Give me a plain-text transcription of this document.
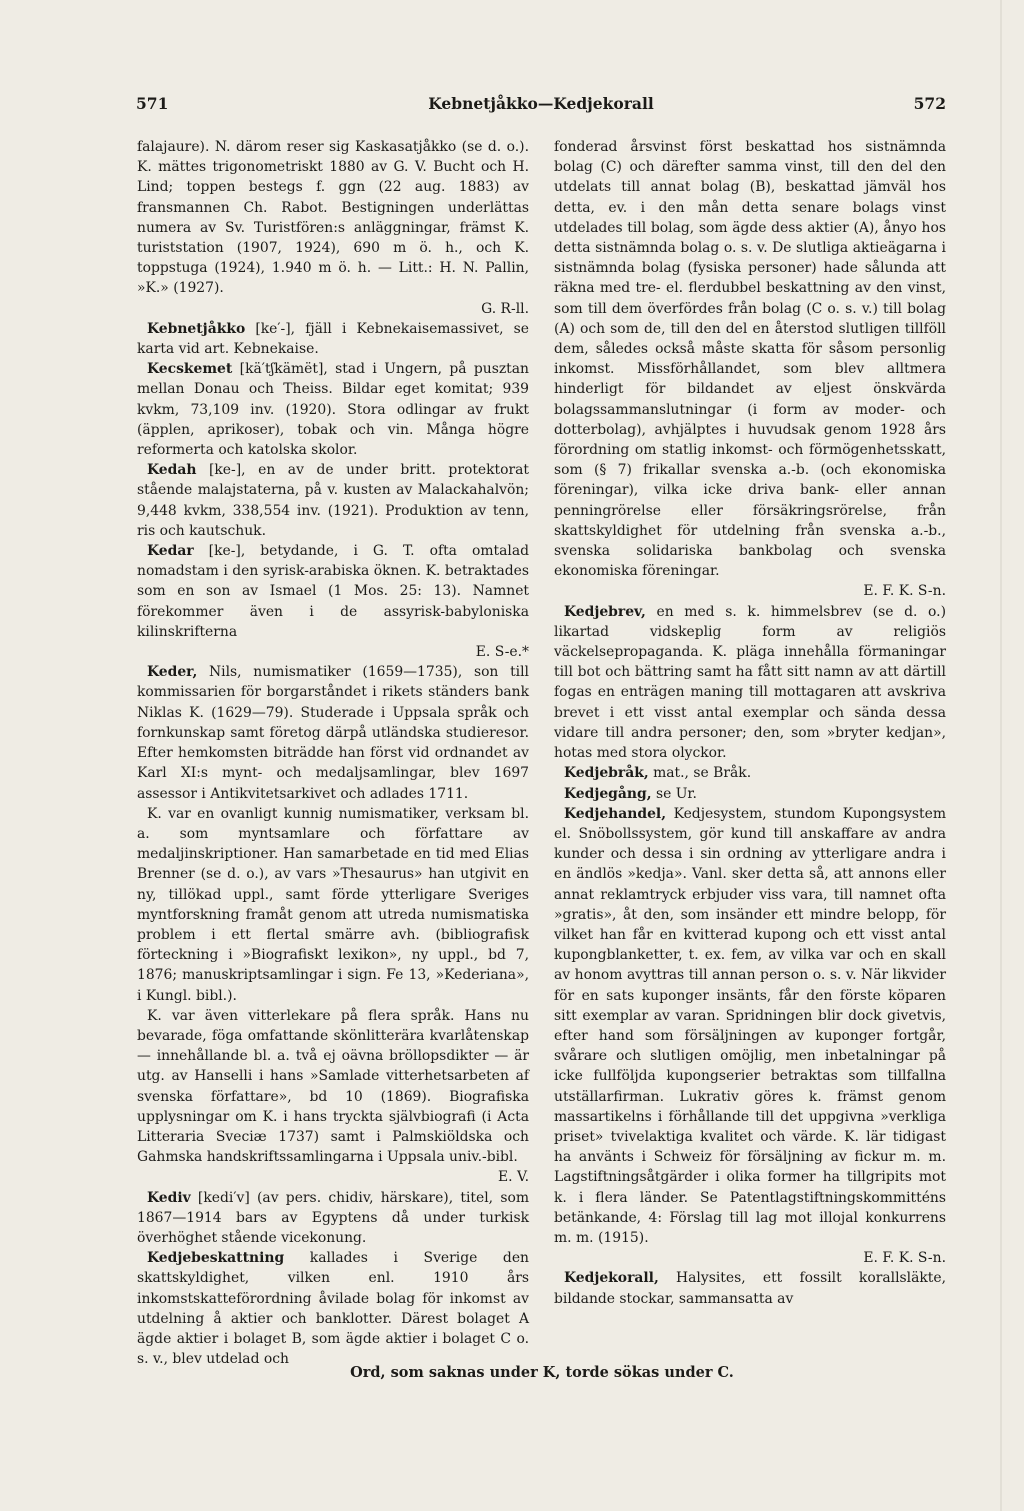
571	Kebnetjåkko—Kedjekorall	572

falajaure). N. därom reser sig Kaskasatjåkko (se d. o.). K. mättes trigonometriskt 1880 av G. V. Bucht och H. Lind; toppen bestegs f. ggn (22 aug. 1883) av fransmannen Ch. Rabot. Bestigningen underlättas numera av Sv. Turistfören:s anläggningar, främst K. turiststation (1907, 1924), 690 m ö. h., och K. toppstuga (1924), 1.940 m ö. h. — Litt.: H. N. Pallin, »K.» (1927).
G. R-ll.

Kebnetjåkko [ke′-], fjäll i Kebnekaisemassivet, se karta vid art. Kebnekaise.

Kecskemet [kä′tʃkämët], stad i Ungern, på pusztan mellan Donau och Theiss. Bildar eget komitat; 939 kvkm, 73,109 inv. (1920). Stora odlingar av frukt (äpplen, aprikoser), tobak och vin. Många högre reformerta och katolska skolor.

Kedah [ke-], en av de under britt. protektorat stående malajstaterna, på v. kusten av Malackahalvön; 9,448 kvkm, 338,554 inv. (1921). Produktion av tenn, ris och kautschuk.

Kedar [ke-], betydande, i G. T. ofta omtalad nomadstam i den syrisk-arabiska öknen. K. betraktades som en son av Ismael (1 Mos. 25: 13). Namnet förekommer även i de assyrisk-babyloniska kilinskrifterna
E. S-e.*

Keder, Nils, numismatiker (1659—1735), son till kommissarien för borgarståndet i rikets ständers bank Niklas K. (1629—79). Studerade i Uppsala språk och fornkunskap samt företog därpå utländska studieresor. Efter hemkomsten biträdde han först vid ordnandet av Karl XI:s mynt- och medaljsamlingar, blev 1697 assessor i Antikvitetsarkivet och adlades 1711.

K. var en ovanligt kunnig numismatiker, verksam bl. a. som myntsamlare och författare av medaljinskriptioner. Han samarbetade en tid med Elias Brenner (se d. o.), av vars »Thesaurus» han utgivit en ny, tillökad uppl., samt förde ytterligare Sveriges myntforskning framåt genom att utreda numismatiska problem i ett flertal smärre avh. (bibliografisk förteckning i »Biografiskt lexikon», ny uppl., bd 7, 1876; manuskriptsamlingar i sign. Fe 13, »Kederiana», i Kungl. bibl.).

K. var även vitterlekare på flera språk. Hans nu bevarade, föga omfattande skönlitterära kvarlåtenskap — innehållande bl. a. två ej oävna bröllopsdikter — är utg. av Hanselli i hans »Samlade vitterhetsarbeten af svenska författare», bd 10 (1869). Biografiska upplysningar om K. i hans tryckta självbiografi (i Acta Litteraria Sveciæ 1737) samt i Palmskiöldska och Gahmska handskriftssamlingarna i Uppsala univ.-bibl.
E. V.

Kediv [kedi′v] (av pers. chidiv, härskare), titel, som 1867—1914 bars av Egyptens då under turkisk överhöghet stående vicekonung.

Kedjebeskattning kallades i Sverige den skattskyldighet, vilken enl. 1910 års inkomstskatteförordning åvilade bolag för inkomst av utdelning å aktier och banklotter. Därest bolaget A ägde aktier i bolaget B, som ägde aktier i bolaget C o. s. v., blev utdelad och

fonderad årsvinst först beskattad hos sistnämnda bolag (C) och därefter samma vinst, till den del den utdelats till annat bolag (B), beskattad jämväl hos detta, ev. i den mån detta senare bolags vinst utdelades till bolag, som ägde dess aktier (A), ånyo hos detta sistnämnda bolag o. s. v. De slutliga aktieägarna i sistnämnda bolag (fysiska personer) hade sålunda att räkna med tre- el. flerdubbel beskattning av den vinst, som till dem överfördes från bolag (C o. s. v.) till bolag (A) och som de, till den del en återstod slutligen tillföll dem, således också måste skatta för såsom personlig inkomst. Missförhållandet, som blev alltmera hinderligt för bildandet av eljest önskvärda bolagssammanslutningar (i form av moder- och dotterbolag), avhjälptes i huvudsak genom 1928 års förordning om statlig inkomst- och förmögenhetsskatt, som (§ 7) frikallar svenska a.-b. (och ekonomiska föreningar), vilka icke driva bank- eller annan penningrörelse eller försäkringsrörelse, från skattskyldighet för utdelning från svenska a.-b., svenska solidariska bankbolag och svenska ekonomiska föreningar.
E. F. K. S-n.

Kedjebrev, en med s. k. himmelsbrev (se d. o.) likartad vidskeplig form av religiös väckelsepropaganda. K. pläga innehålla förmaningar till bot och bättring samt ha fått sitt namn av att därtill fogas en enträgen maning till mottagaren att avskriva brevet i ett visst antal exemplar och sända dessa vidare till andra personer; den, som »bryter kedjan», hotas med stora olyckor.

Kedjebråk, mat., se Bråk.

Kedjegång, se Ur.

Kedjehandel, Kedjesystem, stundom Kupongsystem el. Snöbollssystem, gör kund till anskaffare av andra kunder och dessa i sin ordning av ytterligare andra i en ändlös »kedja». Vanl. sker detta så, att annons eller annat reklamtryck erbjuder viss vara, till namnet ofta »gratis», åt den, som insänder ett mindre belopp, för vilket han får en kvitterad kupong och ett visst antal kupongblanketter, t. ex. fem, av vilka var och en skall av honom avyttras till annan person o. s. v. När likvider för en sats kuponger insänts, får den förste köparen sitt exemplar av varan. Spridningen blir dock givetvis, efter hand som försäljningen av kuponger fortgår, svårare och slutligen omöjlig, men inbetalningar på icke fullföljda kupongserier betraktas som tillfallna utställarfirman. Lukrativ göres k. främst genom massartikelns i förhållande till det uppgivna »verkliga priset» tvivelaktiga kvalitet och värde. K. lär tidigast ha använts i Schweiz för försäljning av fickur m. m. Lagstiftningsåtgärder i olika former ha tillgripits mot k. i flera länder. Se Patentlagstiftningskommitténs betänkande, 4: Förslag till lag mot illojal konkurrens m. m. (1915).
E. F. K. S-n.

Kedjekorall, Halysites, ett fossilt korallsläkte, bildande stockar, sammansatta av

Ord, som saknas under K, torde sökas under C.
